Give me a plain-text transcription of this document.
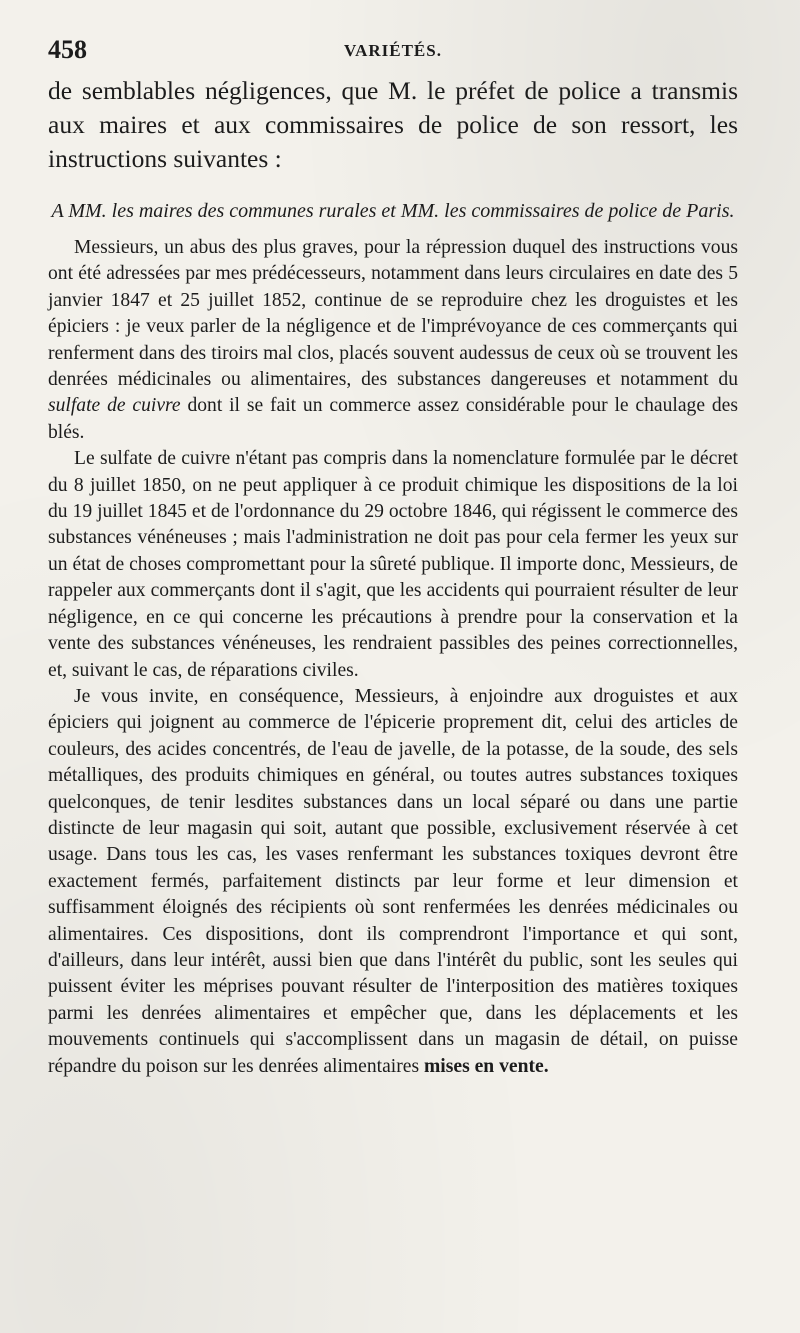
458	VARIÉTÉS.

de semblables négligences, que M. le préfet de police a transmis aux maires et aux commissaires de police de son ressort, les instructions suivantes :

A MM. les maires des communes rurales et MM. les commissaires de police de Paris.

Messieurs, un abus des plus graves, pour la répression duquel des instructions vous ont été adressées par mes prédécesseurs, notamment dans leurs circulaires en date des 5 janvier 1847 et 25 juillet 1852, continue de se reproduire chez les droguistes et les épiciers : je veux parler de la négligence et de l'imprévoyance de ces commerçants qui renferment dans des tiroirs mal clos, placés souvent audessus de ceux où se trouvent les denrées médicinales ou alimentaires, des substances dangereuses et notamment du sulfate de cuivre dont il se fait un commerce assez considérable pour le chaulage des blés.

Le sulfate de cuivre n'étant pas compris dans la nomenclature formulée par le décret du 8 juillet 1850, on ne peut appliquer à ce produit chimique les dispositions de la loi du 19 juillet 1845 et de l'ordonnance du 29 octobre 1846, qui régissent le commerce des substances vénéneuses ; mais l'administration ne doit pas pour cela fermer les yeux sur un état de choses compromettant pour la sûreté publique. Il importe donc, Messieurs, de rappeler aux commerçants dont il s'agit, que les accidents qui pourraient résulter de leur négligence, en ce qui concerne les précautions à prendre pour la conservation et la vente des substances vénéneuses, les rendraient passibles des peines correctionnelles, et, suivant le cas, de réparations civiles.

Je vous invite, en conséquence, Messieurs, à enjoindre aux droguistes et aux épiciers qui joignent au commerce de l'épicerie proprement dit, celui des articles de couleurs, des acides concentrés, de l'eau de javelle, de la potasse, de la soude, des sels métalliques, des produits chimiques en général, ou toutes autres substances toxiques quelconques, de tenir lesdites substances dans un local séparé ou dans une partie distincte de leur magasin qui soit, autant que possible, exclusivement réservée à cet usage. Dans tous les cas, les vases renfermant les substances toxiques devront être exactement fermés, parfaitement distincts par leur forme et leur dimension et suffisamment éloignés des récipients où sont renfermées les denrées médicinales ou alimentaires. Ces dispositions, dont ils comprendront l'importance et qui sont, d'ailleurs, dans leur intérêt, aussi bien que dans l'intérêt du public, sont les seules qui puissent éviter les méprises pouvant résulter de l'interposition des matières toxiques parmi les denrées alimentaires et empêcher que, dans les déplacements et les mouvements continuels qui s'accomplissent dans un magasin de détail, on puisse répandre du poison sur les denrées alimentaires mises en vente.
